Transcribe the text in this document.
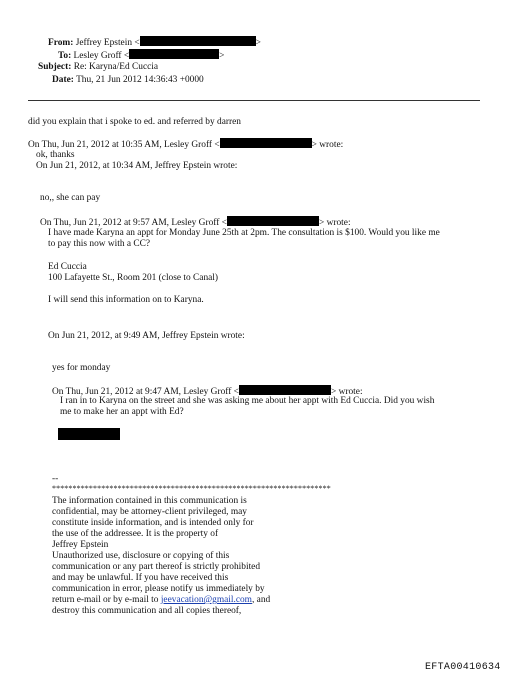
From: Jeffrey Epstein <	>
To: Lesley Groff <	>
Subject: Re: Karyna/Ed Cuccia
Date: Thu, 21 Jun 2012 14:36:43 +0000
did you explain that i spoke to ed. and referred by darren
On Thu, Jun 21, 2012 at 10:35 AM, Lesley Groff <	> wrote:
ok, thanks
On Jun 21, 2012, at 10:34 AM, Jeffrey Epstein wrote:
no,, she can pay
On Thu, Jun 21, 2012 at 9:57 AM, Lesley Groff <	> wrote:
I have made Karyna an appt for Monday June 25th at 2pm. The consultation is $100. Would you like me
to pay this now with a CC?
Ed Cuccia
100 Lafayette St., Room 201 (close to Canal)
I will send this information on to Karyna.
On Jun 21, 2012, at 9:49 AM, Jeffrey Epstein wrote:
yes for monday
On Thu, Jun 21, 2012 at 9:47 AM, Lesley Groff <	> wrote:
I ran in to Karyna on the street and she was asking me about her appt with Ed Cuccia. Did you wish
me to make her an appt with Ed?
--
********************************************************************
The information contained in this communication is
confidential, may be attorney-client privileged, may
constitute inside information, and is intended only for
the use of the addressee. It is the property of
Jeffrey Epstein
Unauthorized use, disclosure or copying of this
communication or any part thereof is strictly prohibited
and may be unlawful. If you have received this
communication in error, please notify us immediately by
return e-mail or by e-mail to jeevacation@gmail.com, and
destroy this communication and all copies thereof,
EFTA00410634
